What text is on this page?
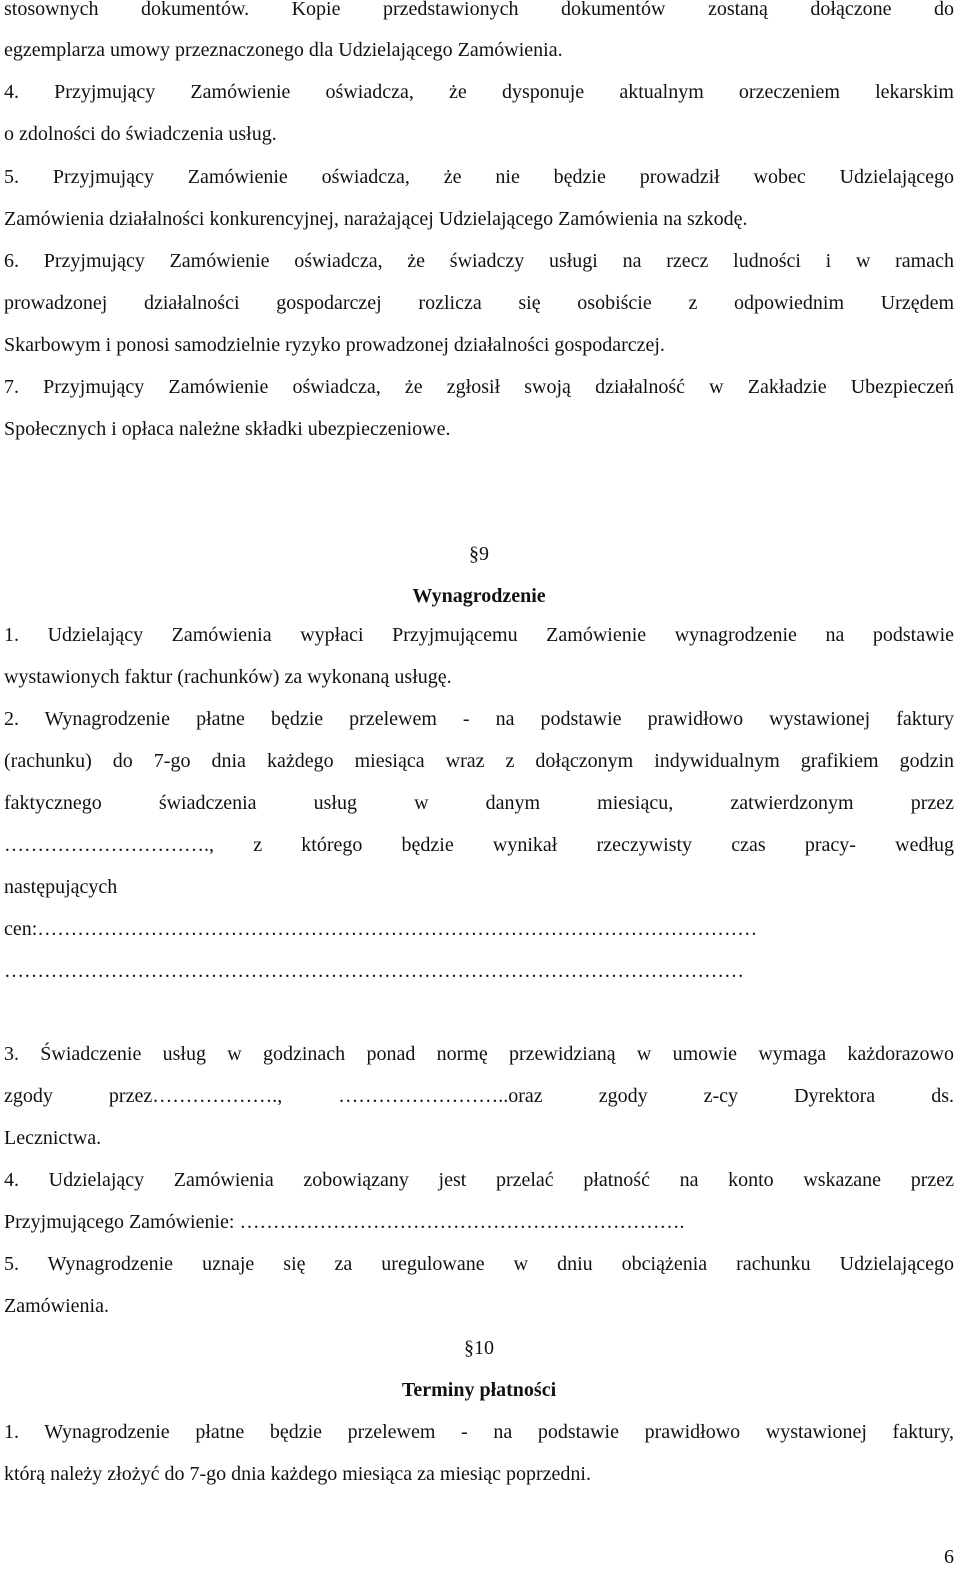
stosownych dokumentów. Kopie przedstawionych dokumentów zostaną dołączone do
egzemplarza umowy przeznaczonego dla Udzielającego Zamówienia.
4. Przyjmujący Zamówienie oświadcza, że dysponuje aktualnym orzeczeniem lekarskim
o zdolności do świadczenia usług.
5. Przyjmujący Zamówienie oświadcza, że nie będzie prowadził wobec Udzielającego
Zamówienia działalności konkurencyjnej, narażającej Udzielającego Zamówienia na szkodę.
6. Przyjmujący Zamówienie oświadcza, że świadczy usługi na rzecz ludności i w ramach
prowadzonej działalności gospodarczej rozlicza się osobiście z odpowiednim Urzędem
Skarbowym i ponosi samodzielnie ryzyko prowadzonej działalności gospodarczej.
7. Przyjmujący Zamówienie oświadcza, że zgłosił swoją działalność w Zakładzie Ubezpieczeń
Społecznych i opłaca należne składki ubezpieczeniowe.
§9
Wynagrodzenie
1. Udzielający Zamówienia wypłaci Przyjmującemu Zamówienie wynagrodzenie na podstawie
wystawionych faktur (rachunków) za wykonaną usługę.
2. Wynagrodzenie płatne będzie przelewem - na podstawie prawidłowo wystawionej faktury
(rachunku) do 7-go dnia każdego miesiąca wraz z dołączonym indywidualnym grafikiem godzin
faktycznego świadczenia usług w danym miesiącu, zatwierdzonym przez
…………………………., z którego będzie wynikał rzeczywisty czas pracy- według
następujących
cen:………………………………………………………………………………………………
…………………………………………………………………………………………………
3. Świadczenie usług w godzinach ponad normę przewidzianą w umowie wymaga każdorazowo
zgody przez………………., ……………………..oraz zgody z-cy Dyrektora ds.
Lecznictwa.
4. Udzielający Zamówienia zobowiązany jest przelać płatność na konto wskazane przez
Przyjmującego Zamówienie: ………………………………………………………….
5. Wynagrodzenie uznaje się za uregulowane w dniu obciążenia rachunku Udzielającego
Zamówienia.
§10
Terminy płatności
1. Wynagrodzenie płatne będzie przelewem - na podstawie prawidłowo wystawionej faktury,
którą należy złożyć do 7-go dnia każdego miesiąca za miesiąc poprzedni.
6
